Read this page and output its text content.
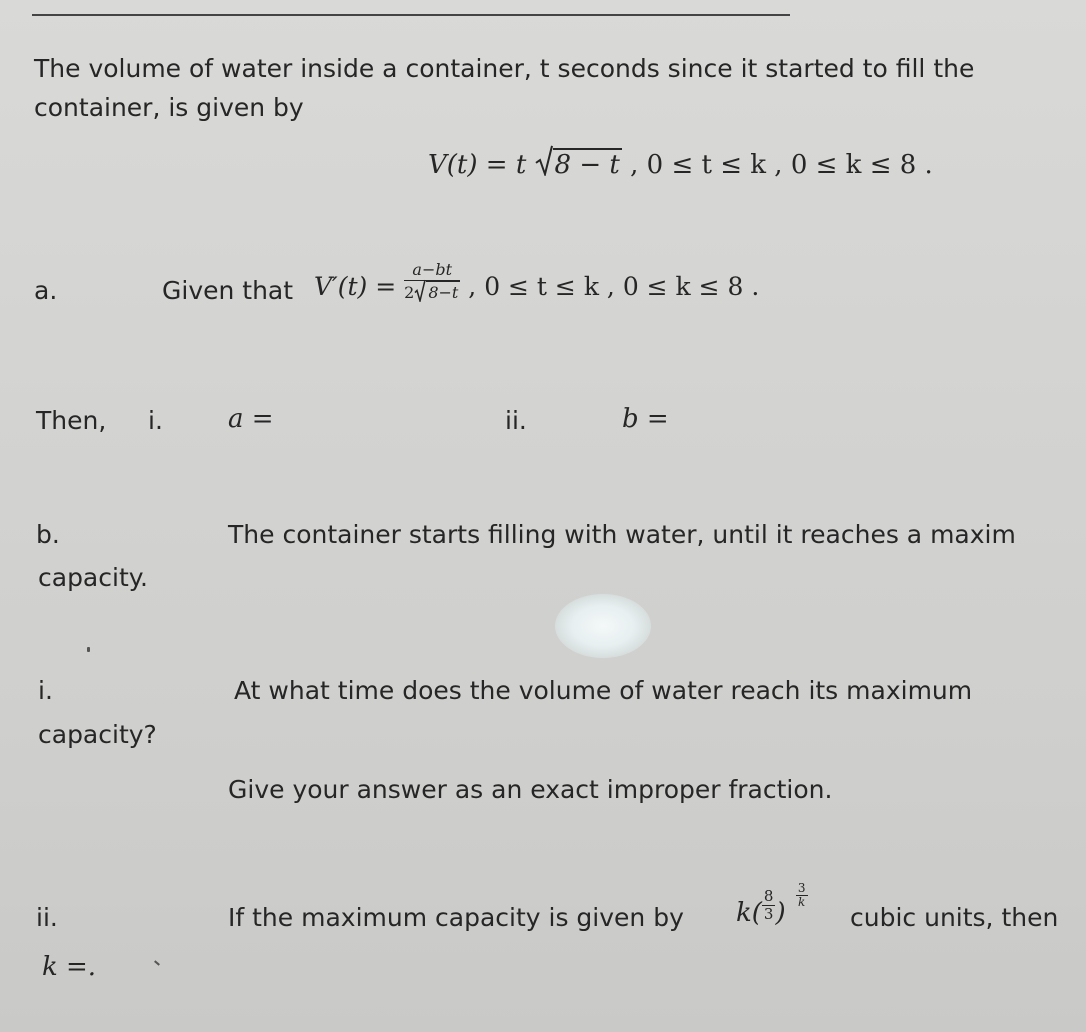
The volume of water inside a container, t seconds since it started to fill the
container, is given by
V(t) = t 8 − t , 0 ≤ t ≤ k , 0 ≤ k ≤ 8 .
a.	Given that $V'(t) = \frac{a-bt}{2 8-t}$ , 0 ≤ t ≤ k , 0 ≤ k ≤ 8 .
Then, i.	a =	ii.	b =
b.	The container starts filling with water, until it reaches a maxim
capacity.
i.	At what time does the volume of water reach its maximum
capacity?
Give your answer as an exact improper fraction.
ii.	If the maximum capacity is given by $k( \frac{8}{3}$ )
$\frac{3}{k}$
cubic units, then
k =.
